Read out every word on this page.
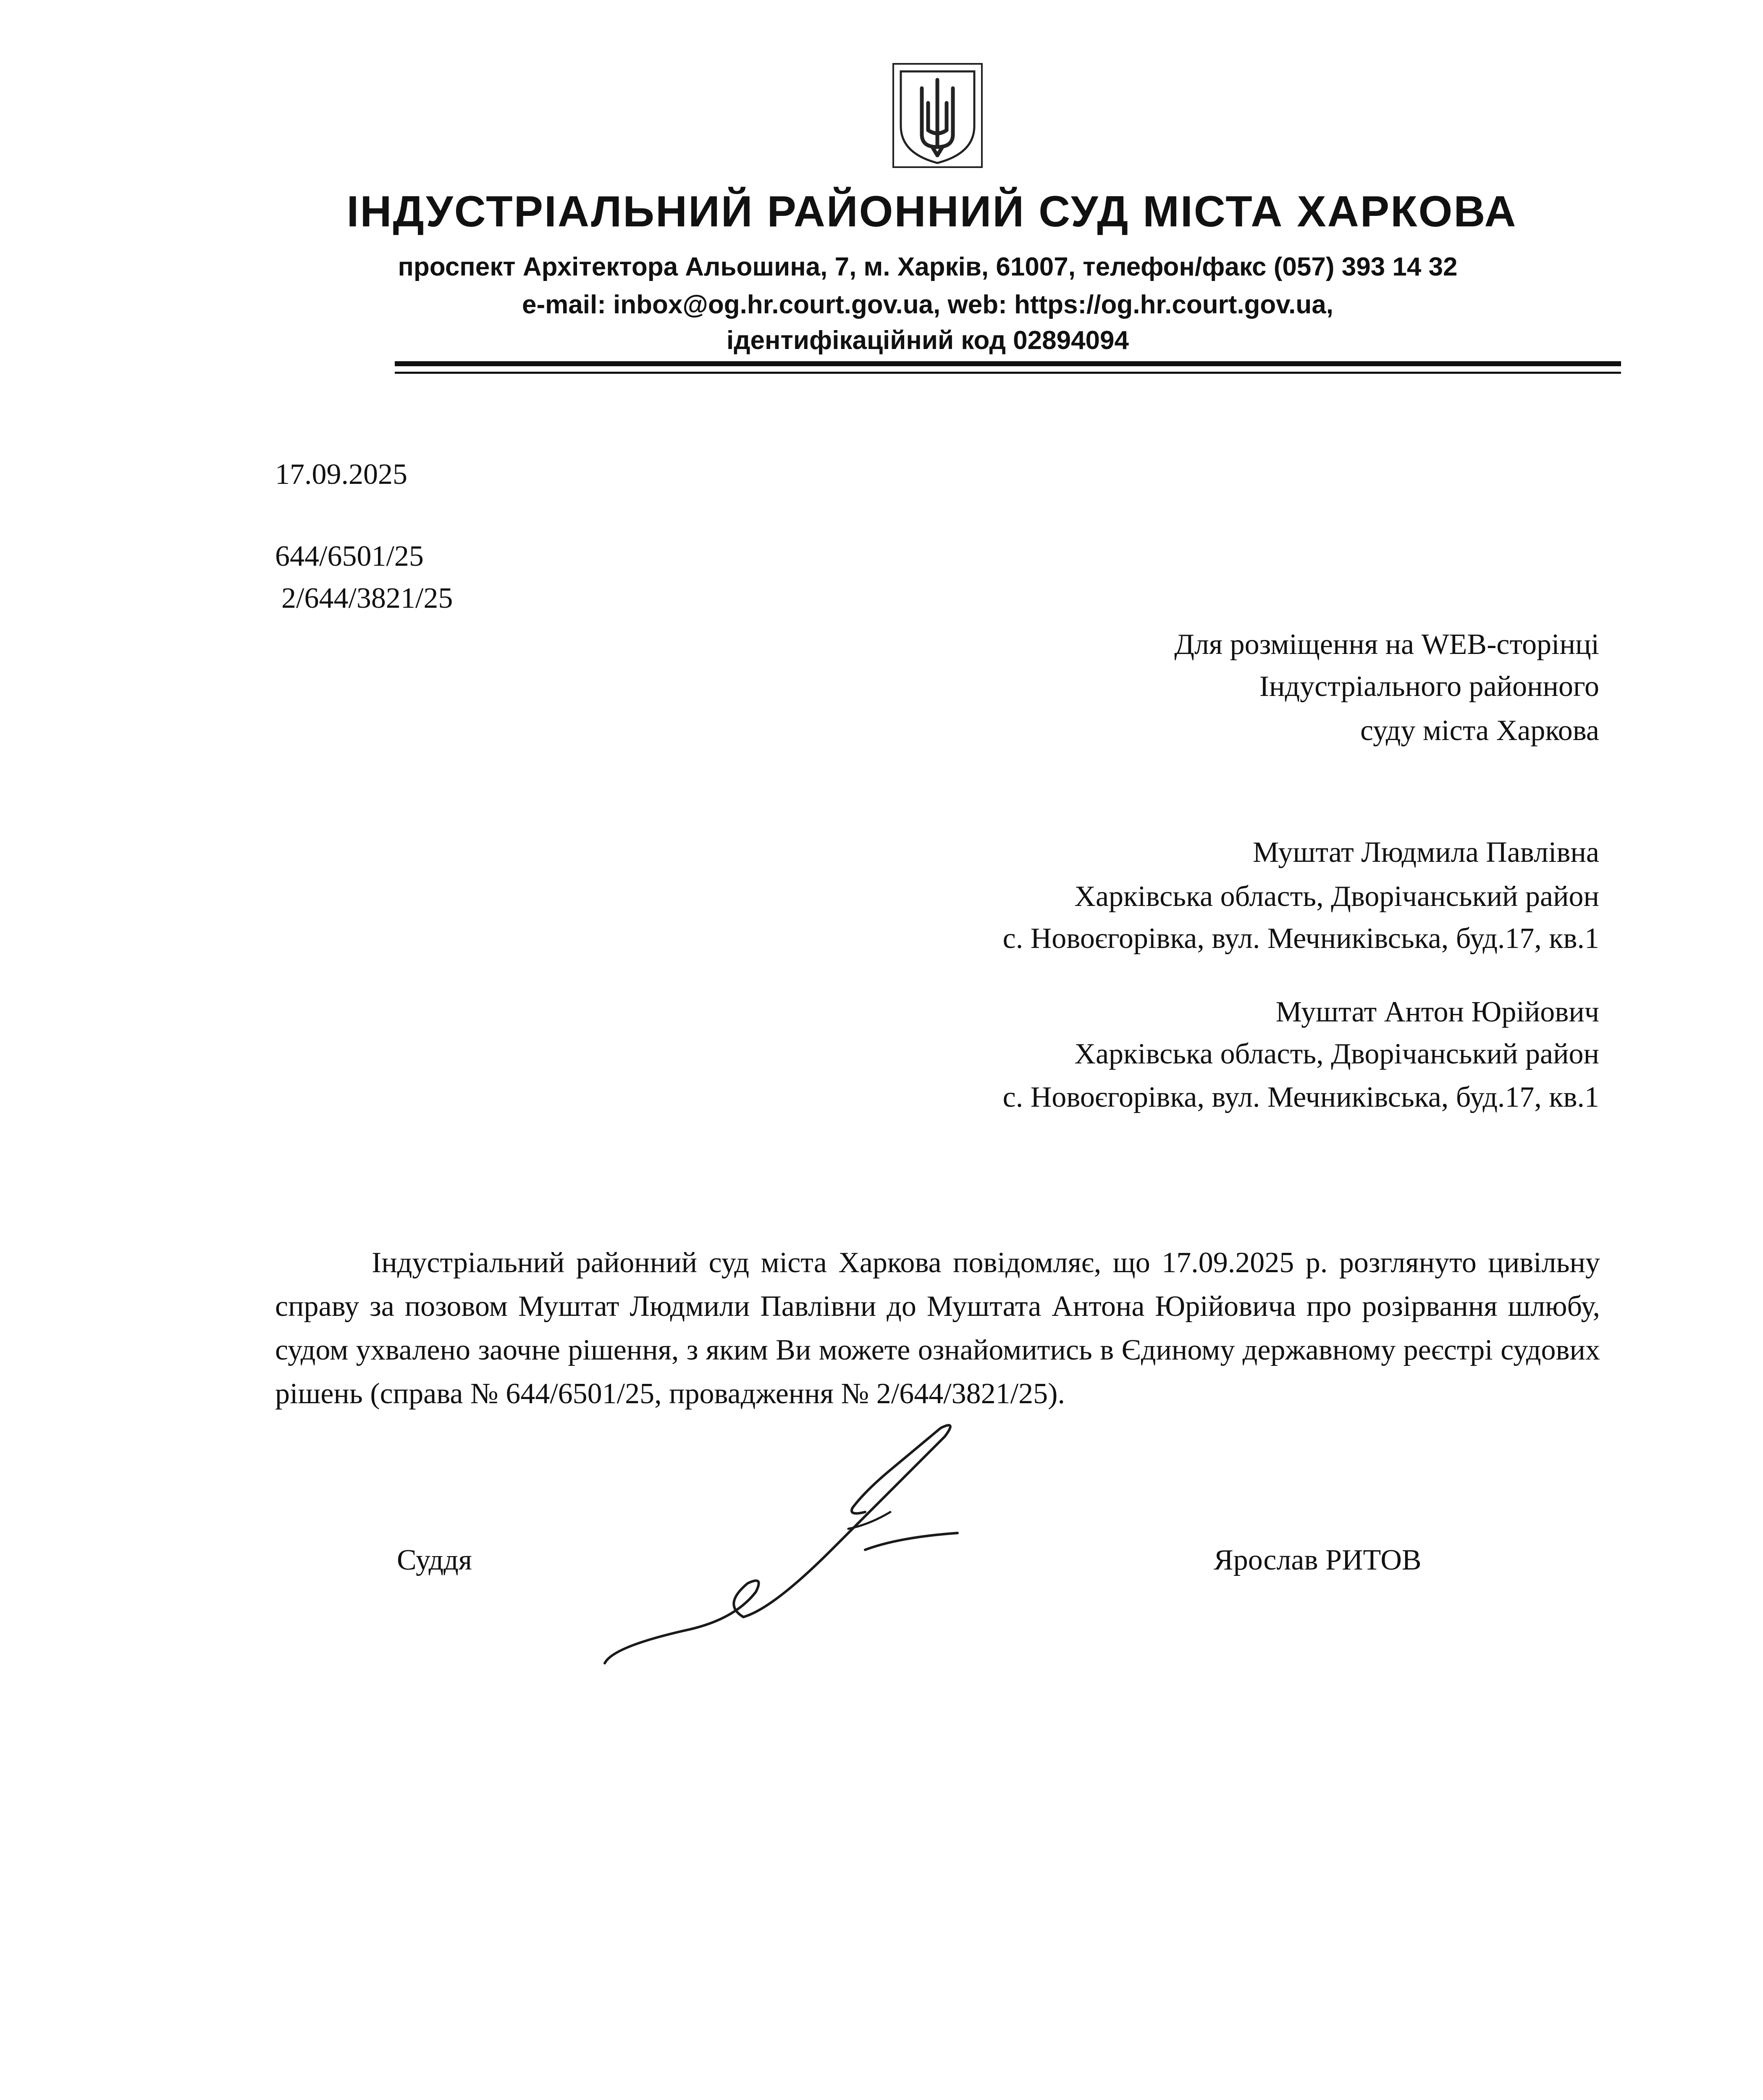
ІНДУСТРІАЛЬНИЙ РАЙОННИЙ СУД МІСТА ХАРКОВА
проспект Архітектора Альошина, 7, м. Харків, 61007, телефон/факс (057) 393 14 32
e-mail: inbox@og.hr.court.gov.ua, web: https://og.hr.court.gov.ua,
ідентифікаційний код 02894094
17.09.2025
644/6501/25
2/644/3821/25
Для розміщення на WEB-сторінці
Індустріального районного
суду міста Харкова
Муштат Людмила Павлівна
Харківська область, Дворічанський район
с. Новоєгорівка, вул. Мечниківська, буд.17, кв.1
Муштат Антон Юрійович
Харківська область, Дворічанський район
с. Новоєгорівка, вул. Мечниківська, буд.17, кв.1
Індустріальний районний суд міста Харкова повідомляє, що 17.09.2025 р. розглянуто цивільну справу за позовом Муштат Людмили Павлівни до Муштата Антона Юрійовича про розірвання шлюбу, судом ухвалено заочне рішення, з яким Ви можете ознайомитись в Єдиному державному реєстрі судових рішень (справа № 644/6501/25, провадження № 2/644/3821/25).
Суддя	Ярослав РИТОВ
